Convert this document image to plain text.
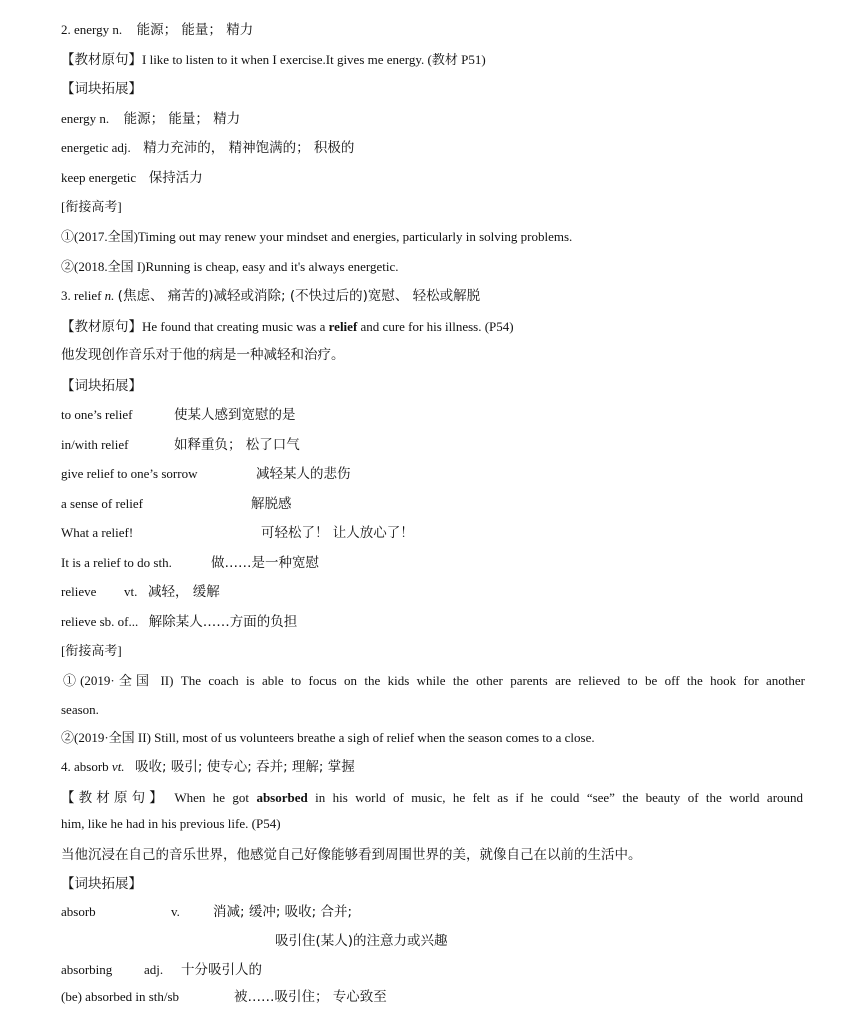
2. energy n. 能源； 能量； 精力
【教材原句】I like to listen to it when I exercise.It gives me energy. (教材 P51)
【词块拓展】
energy n. 能源； 能量； 精力
energetic adj. 精力充沛的， 精神饱满的； 积极的
keep energetic 保持活力
[衔接高考]
①(2017.全国)Timing out may renew your mindset and energies, particularly in solving problems.
②(2018.全国 I)Running is cheap, easy and it's always energetic.
3. relief n. (焦虑、 痛苦的)减轻或消除; (不快过后的)宽慰、 轻松或解脱
【教材原句】He found that creating music was a relief and cure for his illness. (P54)
他发现创作音乐对于他的病是一种减轻和治疗。
【词块拓展】
to one’s relief	使某人感到宽慰的是
in/with relief	如释重负； 松了口气
give relief to one’s sorrow	减轻某人的悲伤
a sense of relief	解脱感
What a relief!	可轻松了！ 让人放心了！
It is a relief to do sth.	做……是一种宽慰
relieve vt. 减轻， 缓解
relieve sb. of... 解除某人……方面的负担
[衔接高考]
①(2019·全国 II) The coach is able to focus on the kids while the other parents are relieved to be off the hook for another
season.
②(2019·全国 II) Still, most of us volunteers breathe a sigh of relief when the season comes to a close.
4. absorb vt. 吸收; 吸引; 使专心; 吞并; 理解; 掌握
【教材原句】 When he got absorbed in his world of music, he felt as if he could “see” the beauty of the world around
him, like he had in his previous life. (P54)
当他沉浸在自己的音乐世界，他感觉自己好像能够看到周围世界的美，就像自己在以前的生活中。
【词块拓展】
absorb	v. 消减; 缓冲; 吸收; 合并;
吸引住(某人)的注意力或兴趣
absorbing adj. 十分吸引人的
(be) absorbed in sth/sb	被……吸引住； 专心致至
